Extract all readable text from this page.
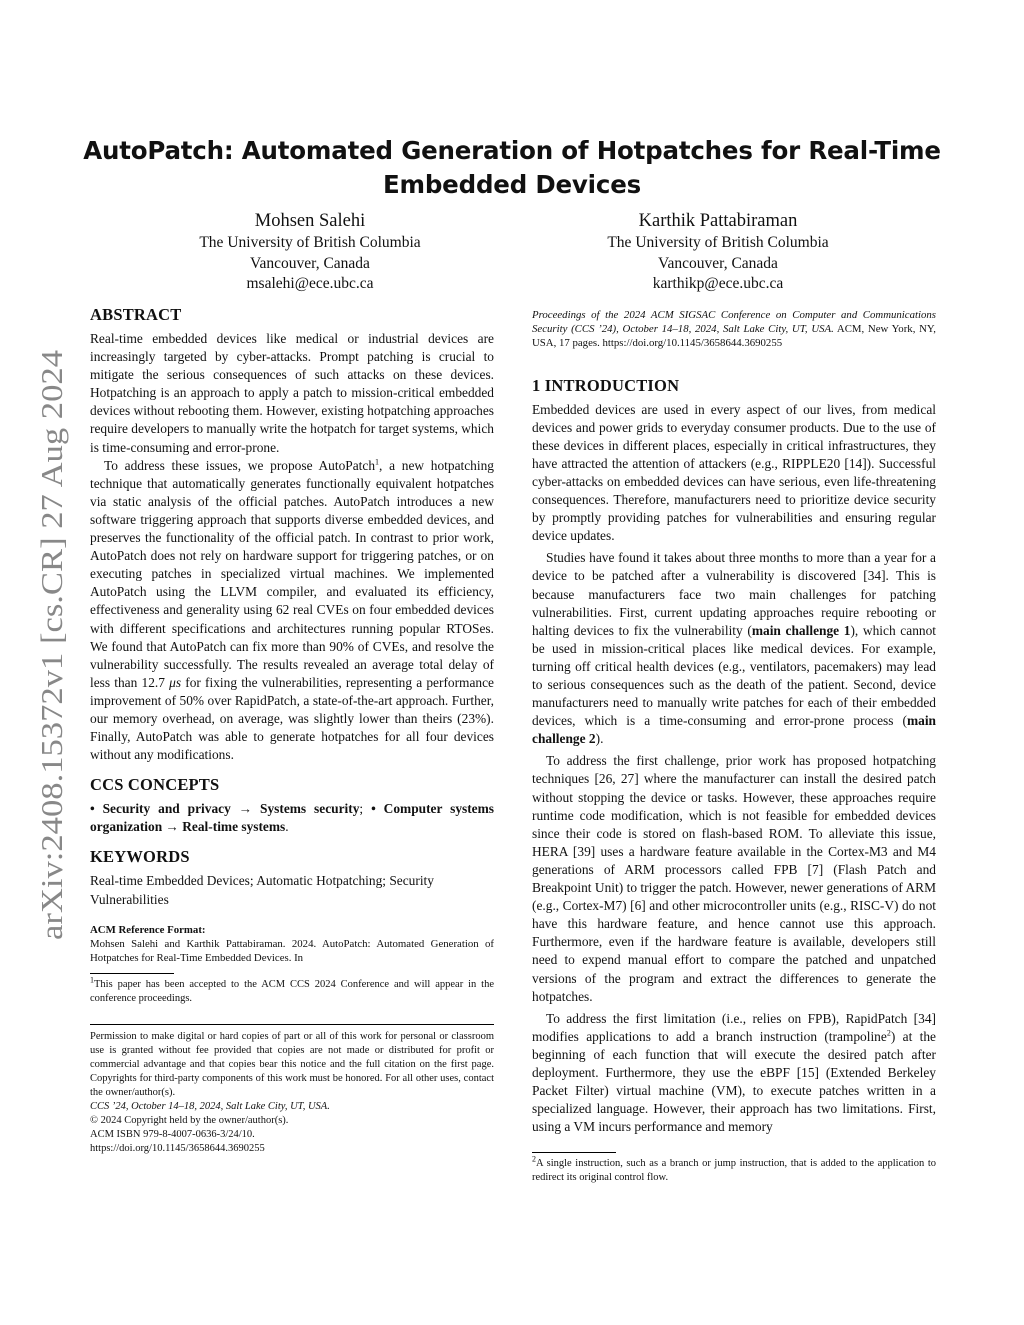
arXiv:2408.15372v1 [cs.CR] 27 Aug 2024
AutoPatch: Automated Generation of Hotpatches for Real-Time
Embedded Devices
Mohsen Salehi
The University of British Columbia
Vancouver, Canada
msalehi@ece.ubc.ca
Karthik Pattabiraman
The University of British Columbia
Vancouver, Canada
karthikp@ece.ubc.ca
ABSTRACT

Real-time embedded devices like medical or industrial devices are increasingly targeted by cyber-attacks. Prompt patching is crucial to mitigate the serious consequences of such attacks on these devices. Hotpatching is an approach to apply a patch to mission-critical embedded devices without rebooting them. However, existing hotpatching approaches require developers to manually write the hotpatch for target systems, which is time-consuming and error-prone.

To address these issues, we propose AutoPatch$^1$, a new hotpatching technique that automatically generates functionally equivalent hotpatches via static analysis of the official patches. AutoPatch introduces a new software triggering approach that supports diverse embedded devices, and preserves the functionality of the official patch. In contrast to prior work, AutoPatch does not rely on hardware support for triggering patches, or on executing patches in specialized virtual machines. We implemented AutoPatch using the LLVM compiler, and evaluated its efficiency, effectiveness and generality using 62 real CVEs on four embedded devices with different specifications and architectures running popular RTOSes. We found that AutoPatch can fix more than 90% of CVEs, and resolve the vulnerability successfully. The results revealed an average total delay of less than 12.7 μs for fixing the vulnerabilities, representing a performance improvement of 50% over RapidPatch, a state-of-the-art approach. Further, our memory overhead, on average, was slightly lower than theirs (23%). Finally, AutoPatch was able to generate hotpatches for all four devices without any modifications.

CCS CONCEPTS

• Security and privacy → Systems security; • Computer systems organization → Real-time systems.

KEYWORDS

Real-time Embedded Devices; Automatic Hotpatching; Security Vulnerabilities

ACM Reference Format:

Mohsen Salehi and Karthik Pattabiraman. 2024. AutoPatch: Automated Generation of Hotpatches for Real-Time Embedded Devices. In

$^1$This paper has been accepted to the ACM CCS 2024 Conference and will appear in the conference proceedings.

Permission to make digital or hard copies of part or all of this work for personal or classroom use is granted without fee provided that copies are not made or distributed for profit or commercial advantage and that copies bear this notice and the full citation on the first page. Copyrights for third-party components of this work must be honored. For all other uses, contact the owner/author(s).

CCS ’24, October 14–18, 2024, Salt Lake City, UT, USA.

© 2024 Copyright held by the owner/author(s).

ACM ISBN 979-8-4007-0636-3/24/10.

https://doi.org/10.1145/3658644.3690255

Proceedings of the 2024 ACM SIGSAC Conference on Computer and Communications Security (CCS ’24), October 14–18, 2024, Salt Lake City, UT, USA. ACM, New York, NY, USA, 17 pages. https://doi.org/10.1145/3658644.3690255

1 INTRODUCTION

Embedded devices are used in every aspect of our lives, from medical devices and power grids to everyday consumer products. Due to the use of these devices in different places, especially in critical infrastructures, they have attracted the attention of attackers (e.g., RIPPLE20 [14]). Successful cyber-attacks on embedded devices can have serious, even life-threatening consequences. Therefore, manufacturers need to prioritize device security by promptly providing patches for vulnerabilities and ensuring regular device updates.

Studies have found it takes about three months to more than a year for a device to be patched after a vulnerability is discovered [34]. This is because manufacturers face two main challenges for patching vulnerabilities. First, current updating approaches require rebooting or halting devices to fix the vulnerability (main challenge 1), which cannot be used in mission-critical places like medical devices. For example, turning off critical health devices (e.g., ventilators, pacemakers) may lead to serious consequences such as the death of the patient. Second, device manufacturers need to manually write patches for each of their embedded devices, which is a time-consuming and error-prone process (main challenge 2).

To address the first challenge, prior work has proposed hotpatching techniques [26, 27] where the manufacturer can install the desired patch without stopping the device or tasks. However, these approaches require runtime code modification, which is not feasible for embedded devices since their code is stored on flash-based ROM. To alleviate this issue, HERA [39] uses a hardware feature available in the Cortex-M3 and M4 generations of ARM processors called FPB [7] (Flash Patch and Breakpoint Unit) to trigger the patch. However, newer generations of ARM (e.g., Cortex-M7) [6] and other microcontroller units (e.g., RISC-V) do not have this hardware feature, and hence cannot use this approach. Furthermore, even if the hardware feature is available, developers still need to expend manual effort to compare the patched and unpatched versions of the program and extract the differences to generate the hotpatches.

To address the first limitation (i.e., relies on FPB), RapidPatch [34] modifies applications to add a branch instruction (trampoline$^2$) at the beginning of each function that will execute the desired patch after deployment. Furthermore, they use the eBPF [15] (Extended Berkeley Packet Filter) virtual machine (VM), to execute patches written in a specialized language. However, their approach has two limitations. First, using a VM incurs performance and memory

$^2$A single instruction, such as a branch or jump instruction, that is added to the application to redirect its original control flow.
